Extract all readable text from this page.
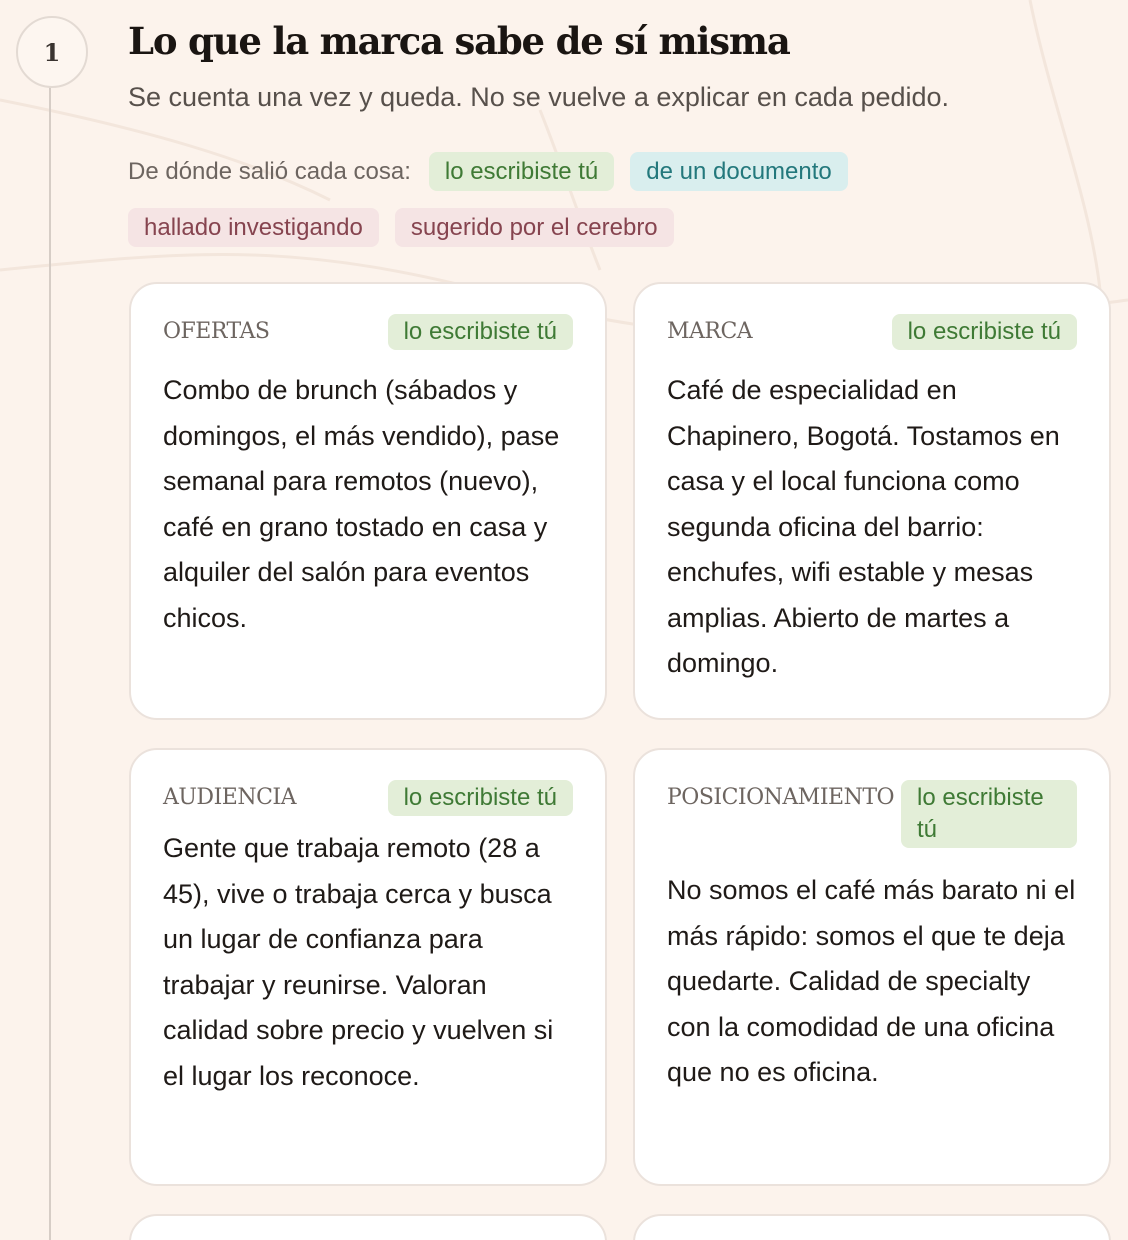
1	Lo que la marca sabe de sí misma

Se cuenta una vez y queda. No se vuelve a explicar en cada pedido.

De dónde salió cada cosa:	lo escribiste tú	de un documento
hallado investigando	sugerido por el cerebro
OFERTAS	lo escribiste tú

Combo de brunch (sábados y domingos, el más vendido), pase semanal para remotos (nuevo), café en grano tostado en casa y alquiler del salón para eventos chicos.

MARCA	lo escribiste tú

Café de especialidad en Chapinero, Bogotá. Tostamos en casa y el local funciona como segunda oficina del barrio: enchufes, wifi estable y mesas amplias. Abierto de martes a domingo.

AUDIENCIA	lo escribiste tú

Gente que trabaja remoto (28 a 45), vive o trabaja cerca y busca un lugar de confianza para trabajar y reunirse. Valoran calidad sobre precio y vuelven si el lugar los reconoce.

POSICIONAMIENTO lo escribiste tú

No somos el café más barato ni el más rápido: somos el que te deja quedarte. Calidad de specialty con la comodidad de una oficina que no es oficina.
